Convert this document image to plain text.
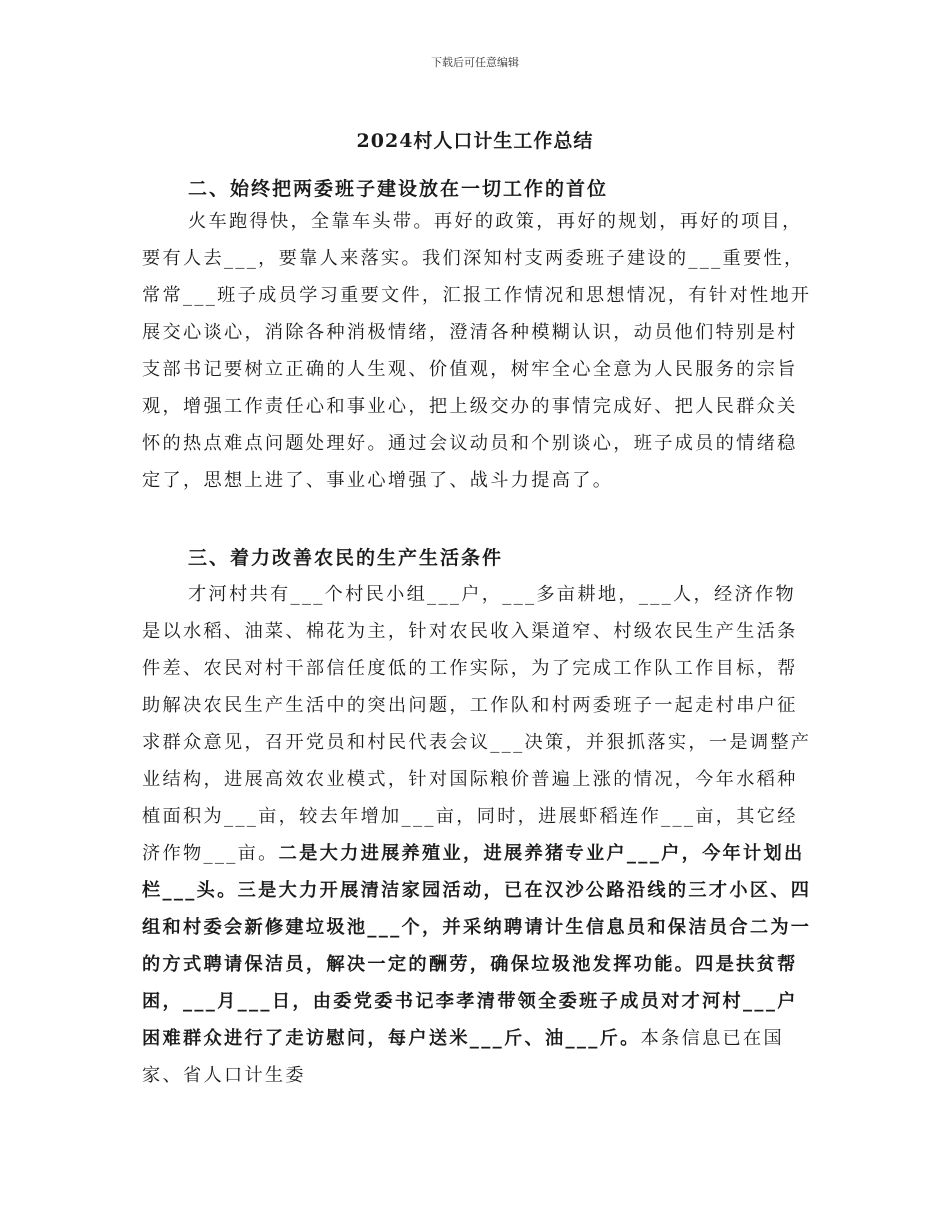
下载后可任意编辑
2024村人口计生工作总结
二、始终把两委班子建设放在一切工作的首位

火车跑得快，全靠车头带。再好的政策，再好的规划，再好的项目，要有人去___，要靠人来落实。我们深知村支两委班子建设的___重要性，常常___班子成员学习重要文件，汇报工作情况和思想情况，有针对性地开展交心谈心，消除各种消极情绪，澄清各种模糊认识，动员他们特别是村支部书记要树立正确的人生观、价值观，树牢全心全意为人民服务的宗旨观，增强工作责任心和事业心，把上级交办的事情完成好、把人民群众关怀的热点难点问题处理好。通过会议动员和个别谈心，班子成员的情绪稳定了，思想上进了、事业心增强了、战斗力提高了。

三、着力改善农民的生产生活条件

才河村共有___个村民小组___户，___多亩耕地，___人，经济作物是以水稻、油菜、棉花为主，针对农民收入渠道窄、村级农民生产生活条件差、农民对村干部信任度低的工作实际，为了完成工作队工作目标，帮助解决农民生产生活中的突出问题，工作队和村两委班子一起走村串户征求群众意见，召开党员和村民代表会议___决策，并狠抓落实，一是调整产业结构，进展高效农业模式，针对国际粮价普遍上涨的情况，今年水稻种植面积为___亩，较去年增加___亩，同时，进展虾稻连作___亩，其它经济作物___亩。二是大力进展养殖业，进展养猪专业户___户，今年计划出栏___头。三是大力开展清洁家园活动，已在汉沙公路沿线的三才小区、四组和村委会新修建垃圾池___个，并采纳聘请计生信息员和保洁员合二为一的方式聘请保洁员，解决一定的酬劳，确保垃圾池发挥功能。四是扶贫帮困，___月___日，由委党委书记李孝清带领全委班子成员对才河村___户困难群众进行了走访慰问，每户送米___斤、油___斤。本条信息已在国家、省人口计生委
